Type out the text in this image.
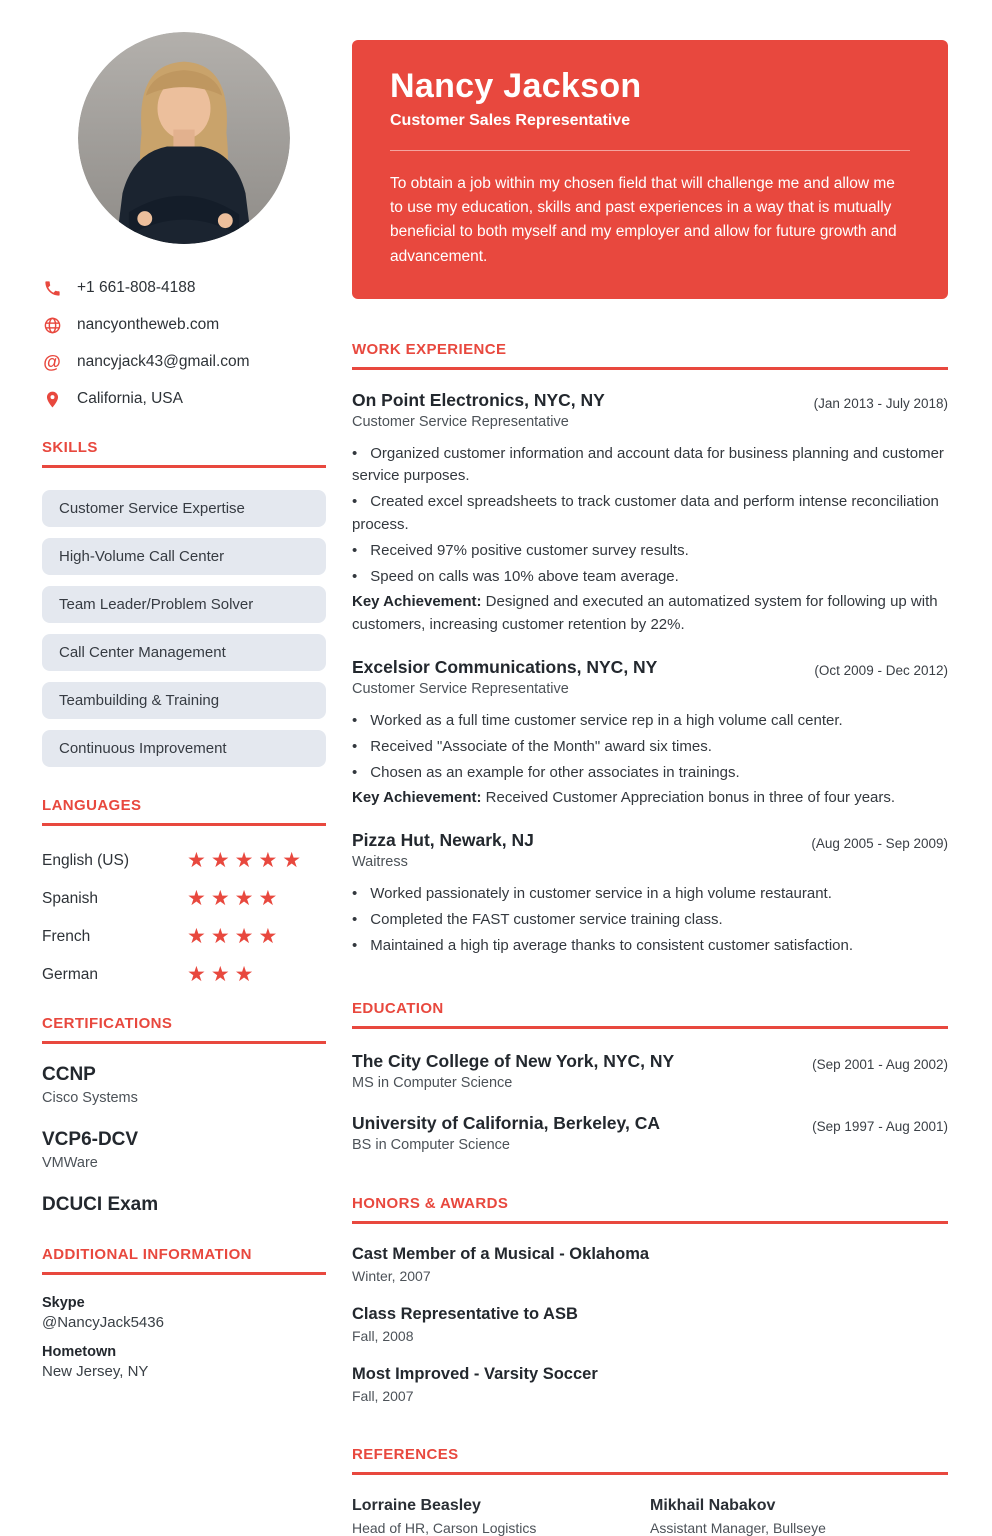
+1 661-808-4188
nancyontheweb.com
@ nancyjack43@gmail.com
California, USA
SKILLS
Customer Service Expertise
High-Volume Call Center
Team Leader/Problem Solver
Call Center Management
Teambuilding & Training
Continuous Improvement
LANGUAGES
English (US)	★★★★★
Spanish	★★★★
French	★★★★
German	★★★
CERTIFICATIONS
CCNP
Cisco Systems
VCP6-DCV
VMWare
DCUCI Exam
ADDITIONAL INFORMATION
Skype
@NancyJack5436
Hometown
New Jersey, NY
Nancy Jackson
Customer Sales Representative

To obtain a job within my chosen field that will challenge me and allow me to use my education, skills and past experiences in a way that is mutually beneficial to both myself and my employer and allow for future growth and advancement.

WORK EXPERIENCE
On Point Electronics, NYC, NY	(Jan 2013 - July 2018)
Customer Service Representative
• Organized customer information and account data for business planning and customer service purposes.
• Created excel spreadsheets to track customer data and perform intense reconciliation process.
• Received 97% positive customer survey results.
• Speed on calls was 10% above team average.
Key Achievement: Designed and executed an automatized system for following up with customers, increasing customer retention by 22%.
Excelsior Communications, NYC, NY	(Oct 2009 - Dec 2012)
Customer Service Representative
• Worked as a full time customer service rep in a high volume call center.
• Received "Associate of the Month" award six times.
• Chosen as an example for other associates in trainings.
Key Achievement: Received Customer Appreciation bonus in three of four years.
Pizza Hut, Newark, NJ	(Aug 2005 - Sep 2009)
Waitress
• Worked passionately in customer service in a high volume restaurant.
• Completed the FAST customer service training class.
• Maintained a high tip average thanks to consistent customer satisfaction.
EDUCATION
The City College of New York, NYC, NY	(Sep 2001 - Aug 2002)
MS in Computer Science
University of California, Berkeley, CA	(Sep 1997 - Aug 2001)
BS in Computer Science
HONORS & AWARDS
Cast Member of a Musical - Oklahoma
Winter, 2007
Class Representative to ASB
Fall, 2008
Most Improved - Varsity Soccer
Fall, 2007
REFERENCES
Lorraine Beasley
Head of HR, Carson Logistics
Mikhail Nabakov
Assistant Manager, Bullseye
